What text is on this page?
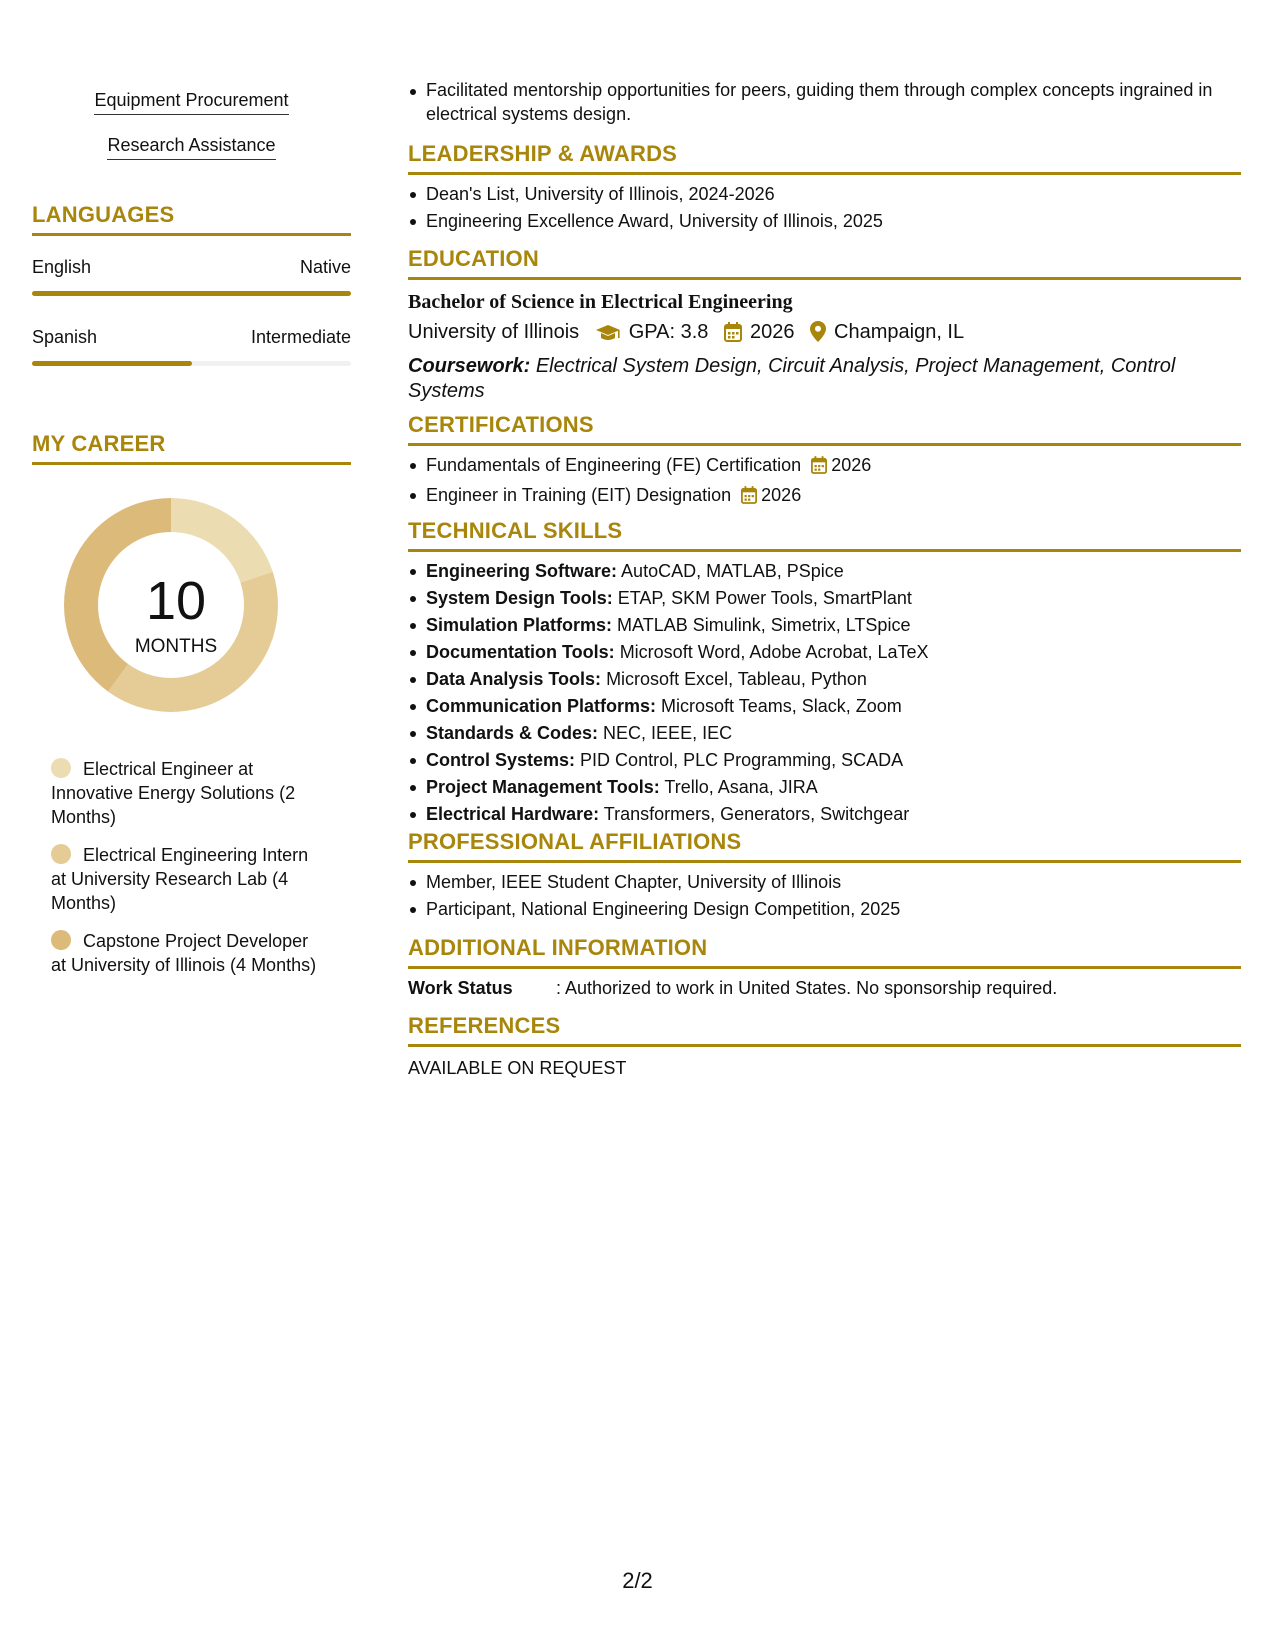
Equipment Procurement
Research Assistance
LANGUAGES
English	Native
Spanish	Intermediate
MY CAREER
10
MONTHS
Electrical Engineer at Innovative Energy Solutions (2 Months)
Electrical Engineering Intern at University Research Lab (4 Months)
Capstone Project Developer at University of Illinois (4 Months)
Facilitated mentorship opportunities for peers, guiding them through complex concepts ingrained in electrical systems design.
LEADERSHIP & AWARDS
Dean's List, University of Illinois, 2024-2026
Engineering Excellence Award, University of Illinois, 2025
EDUCATION
Bachelor of Science in Electrical Engineering
University of Illinois GPA: 3.8 2026 Champaign, IL
Coursework: Electrical System Design, Circuit Analysis, Project Management, Control Systems
CERTIFICATIONS
Fundamentals of Engineering (FE) Certification 2026
Engineer in Training (EIT) Designation 2026
TECHNICAL SKILLS
Engineering Software: AutoCAD, MATLAB, PSpice
System Design Tools: ETAP, SKM Power Tools, SmartPlant
Simulation Platforms: MATLAB Simulink, Simetrix, LTSpice
Documentation Tools: Microsoft Word, Adobe Acrobat, LaTeX
Data Analysis Tools: Microsoft Excel, Tableau, Python
Communication Platforms: Microsoft Teams, Slack, Zoom
Standards & Codes: NEC, IEEE, IEC
Control Systems: PID Control, PLC Programming, SCADA
Project Management Tools: Trello, Asana, JIRA
Electrical Hardware: Transformers, Generators, Switchgear
PROFESSIONAL AFFILIATIONS
Member, IEEE Student Chapter, University of Illinois
Participant, National Engineering Design Competition, 2025
ADDITIONAL INFORMATION
Work Status : Authorized to work in United States. No sponsorship required.
REFERENCES
AVAILABLE ON REQUEST
2/2
